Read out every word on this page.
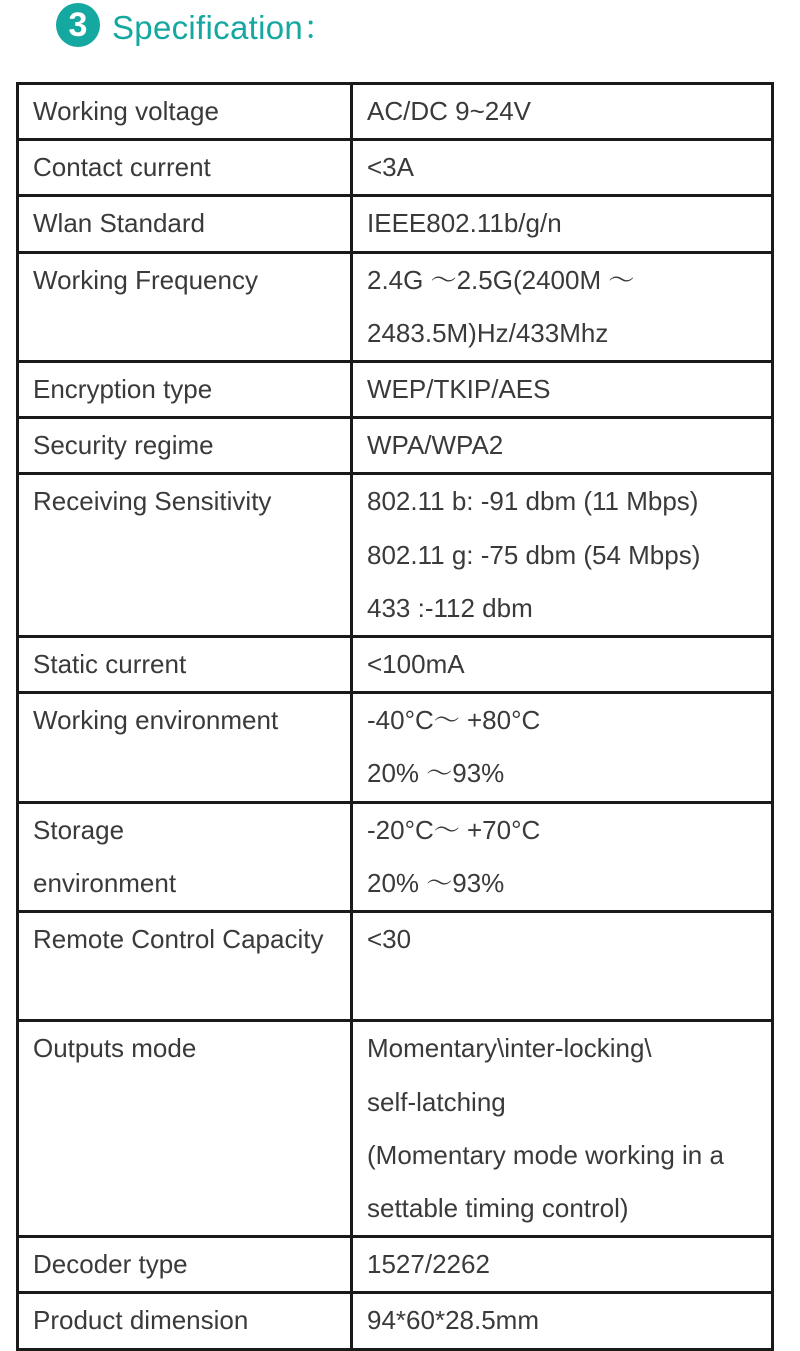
3 Specification：
Working voltage	AC/DC 9~24V

Contact current	<3A

Wlan Standard	IEEE802.11b/g/n

Working Frequency	2.4G ～2.5G(2400M ～
2483.5M)Hz/433Mhz

Encryption type	WEP/TKIP/AES

Security regime	WPA/WPA2

Receiving Sensitivity	802.11 b: -91 dbm (11 Mbps)
802.11 g: -75 dbm (54 Mbps)
433 :-112 dbm

Static current	<100mA

Working environment	-40°C～ +80°C
20% ～93%

Storage
environment	-20°C～ +70°C
20% ～93%

Remote Control Capacity	<30

Outputs mode	Momentary\inter-locking\
self-latching
(Momentary mode working in a
settable timing control)

Decoder type	1527/2262

Product dimension	94*60*28.5mm
